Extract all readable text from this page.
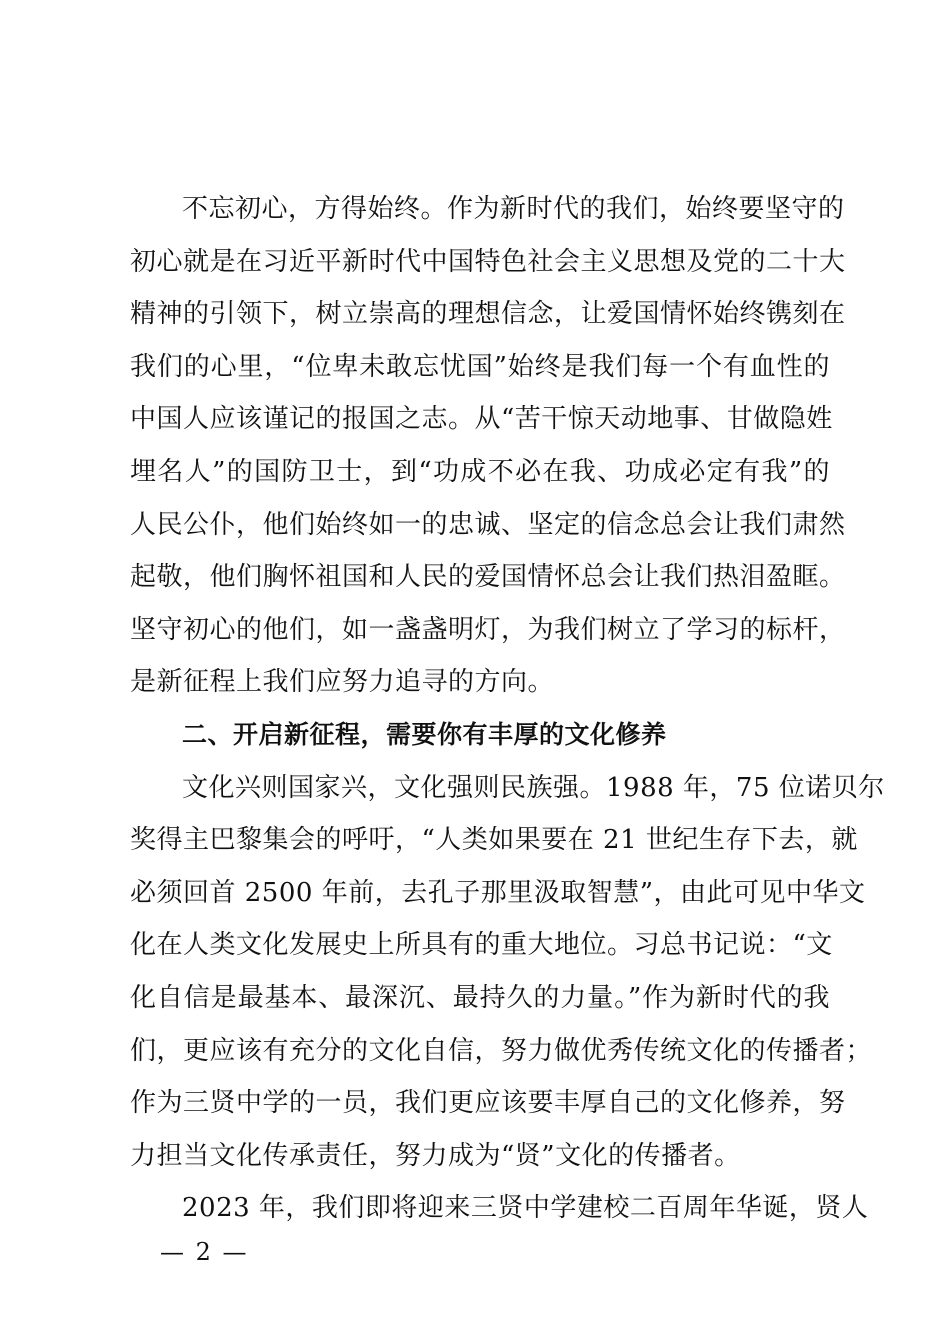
不忘初心，方得始终。作为新时代的我们，始终要坚守的
初心就是在习近平新时代中国特色社会主义思想及党的二十大
精神的引领下，树立崇高的理想信念，让爱国情怀始终镌刻在
我们的心里，“位卑未敢忘忧国”始终是我们每一个有血性的
中国人应该谨记的报国之志。从“苦干惊天动地事、甘做隐姓
埋名人”的国防卫士，到“功成不必在我、功成必定有我”的
人民公仆，他们始终如一的忠诚、坚定的信念总会让我们肃然
起敬，他们胸怀祖国和人民的爱国情怀总会让我们热泪盈眶。
坚守初心的他们，如一盏盏明灯，为我们树立了学习的标杆，
是新征程上我们应努力追寻的方向。
二、开启新征程，需要你有丰厚的文化修养
文化兴则国家兴，文化强则民族强。1988 年，75 位诺贝尔
奖得主巴黎集会的呼吁，“人类如果要在 21 世纪生存下去，就
必须回首 2500 年前，去孔子那里汲取智慧”，由此可见中华文
化在人类文化发展史上所具有的重大地位。习总书记说：“文
化自信是最基本、最深沉、最持久的力量。”作为新时代的我
们，更应该有充分的文化自信，努力做优秀传统文化的传播者；
作为三贤中学的一员，我们更应该要丰厚自己的文化修养，努
力担当文化传承责任，努力成为“贤”文化的传播者。
2023 年，我们即将迎来三贤中学建校二百周年华诞，贤人
— 2 —
